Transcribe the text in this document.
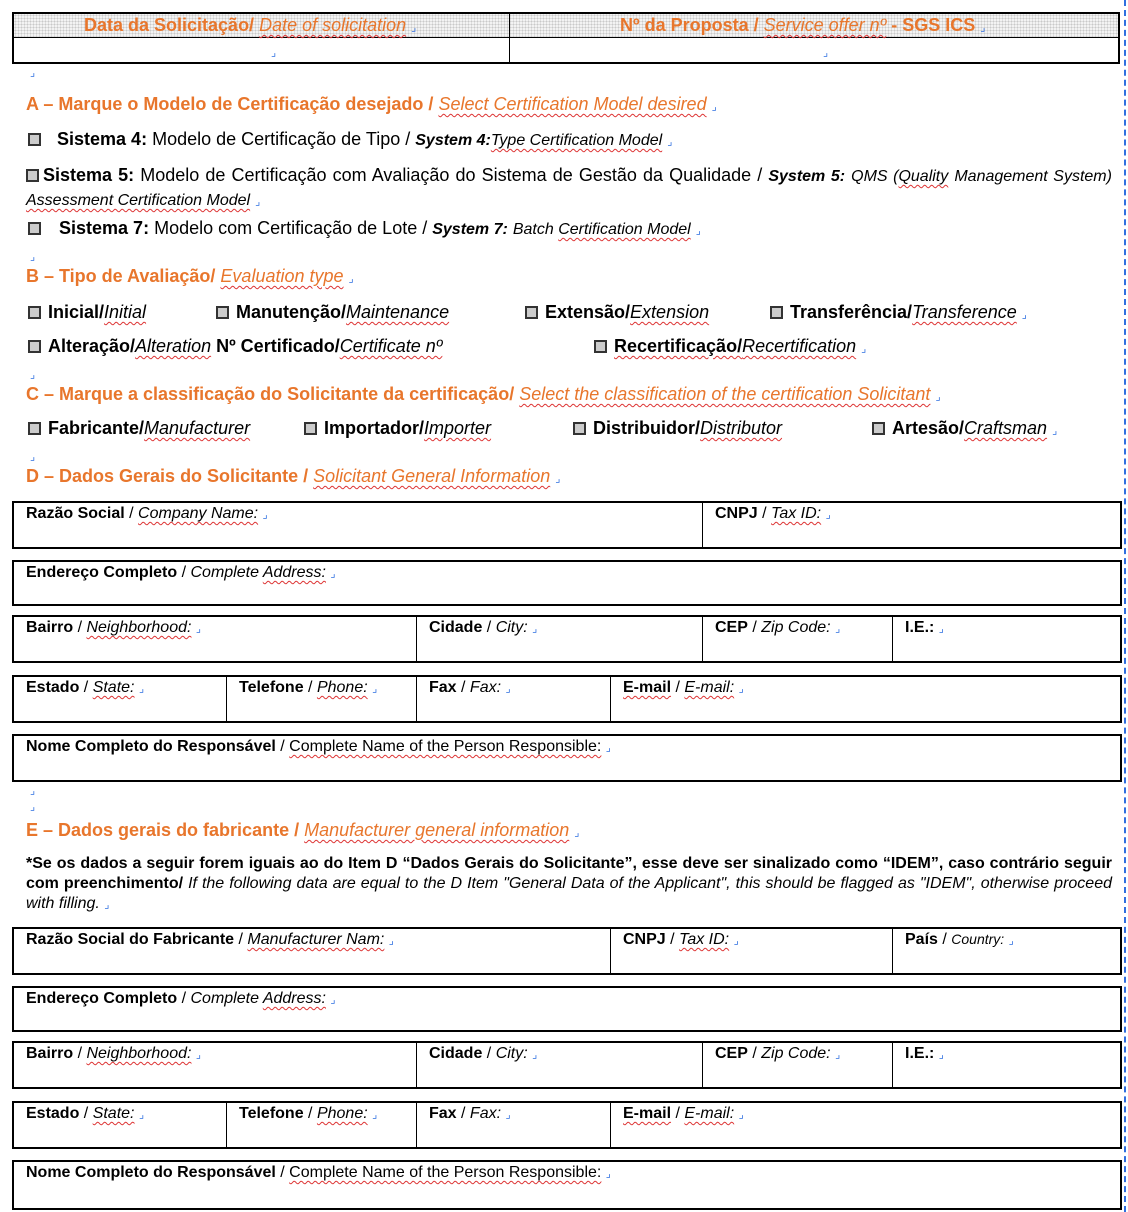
Data da Solicitação/ Date of solicitation ⌟	Nº da Proposta / Service offer nº - SGS ICS ⌟
⌟	⌟
⌟
A – Marque o Modelo de Certificação desejado / Select Certification Model desired ⌟
Sistema 4: Modelo de Certificação de Tipo / System 4:Type Certification Model ⌟
Sistema 5: Modelo de Certificação com Avaliação do Sistema de Gestão da Qualidade / System 5: QMS (Quality Management System) Assessment Certification Model ⌟
Sistema 7: Modelo com Certificação de Lote / System 7: Batch Certification Model ⌟
⌟
B – Tipo de Avaliação/ Evaluation type ⌟
Inicial/Initial	Manutenção/Maintenance	Extensão/Extension	Transferência/Transference ⌟
Alteração/Alteration Nº Certificado/Certificate nº	Recertificação/Recertification ⌟
⌟
C – Marque a classificação do Solicitante da certificação/ Select the classification of the certification Solicitant ⌟
Fabricante/Manufacturer	Importador/Importer	Distribuidor/Distributor	Artesão/Craftsman ⌟
⌟
D – Dados Gerais do Solicitante / Solicitant General Information ⌟
Razão Social / Company Name: ⌟	CNPJ / Tax ID: ⌟
Endereço Completo / Complete Address: ⌟
Bairro / Neighborhood: ⌟	Cidade / City: ⌟	CEP / Zip Code: ⌟	I.E.: ⌟
Estado / State: ⌟	Telefone / Phone: ⌟	Fax / Fax: ⌟	E-mail / E-mail: ⌟
Nome Completo do Responsável / Complete Name of the Person Responsible: ⌟
⌟
⌟
E – Dados gerais do fabricante / Manufacturer general information ⌟
*Se os dados a seguir forem iguais ao do Item D “Dados Gerais do Solicitante”, esse deve ser sinalizado como “IDEM”, caso contrário seguir com preenchimento/ If the following data are equal to the D Item "General Data of the Applicant", this should be flagged as "IDEM", otherwise proceed with filling. ⌟
Razão Social do Fabricante / Manufacturer Nam: ⌟	CNPJ / Tax ID: ⌟	País / Country: ⌟
Endereço Completo / Complete Address: ⌟
Bairro / Neighborhood: ⌟	Cidade / City: ⌟	CEP / Zip Code: ⌟	I.E.: ⌟
Estado / State: ⌟	Telefone / Phone: ⌟	Fax / Fax: ⌟	E-mail / E-mail: ⌟
Nome Completo do Responsável / Complete Name of the Person Responsible: ⌟
